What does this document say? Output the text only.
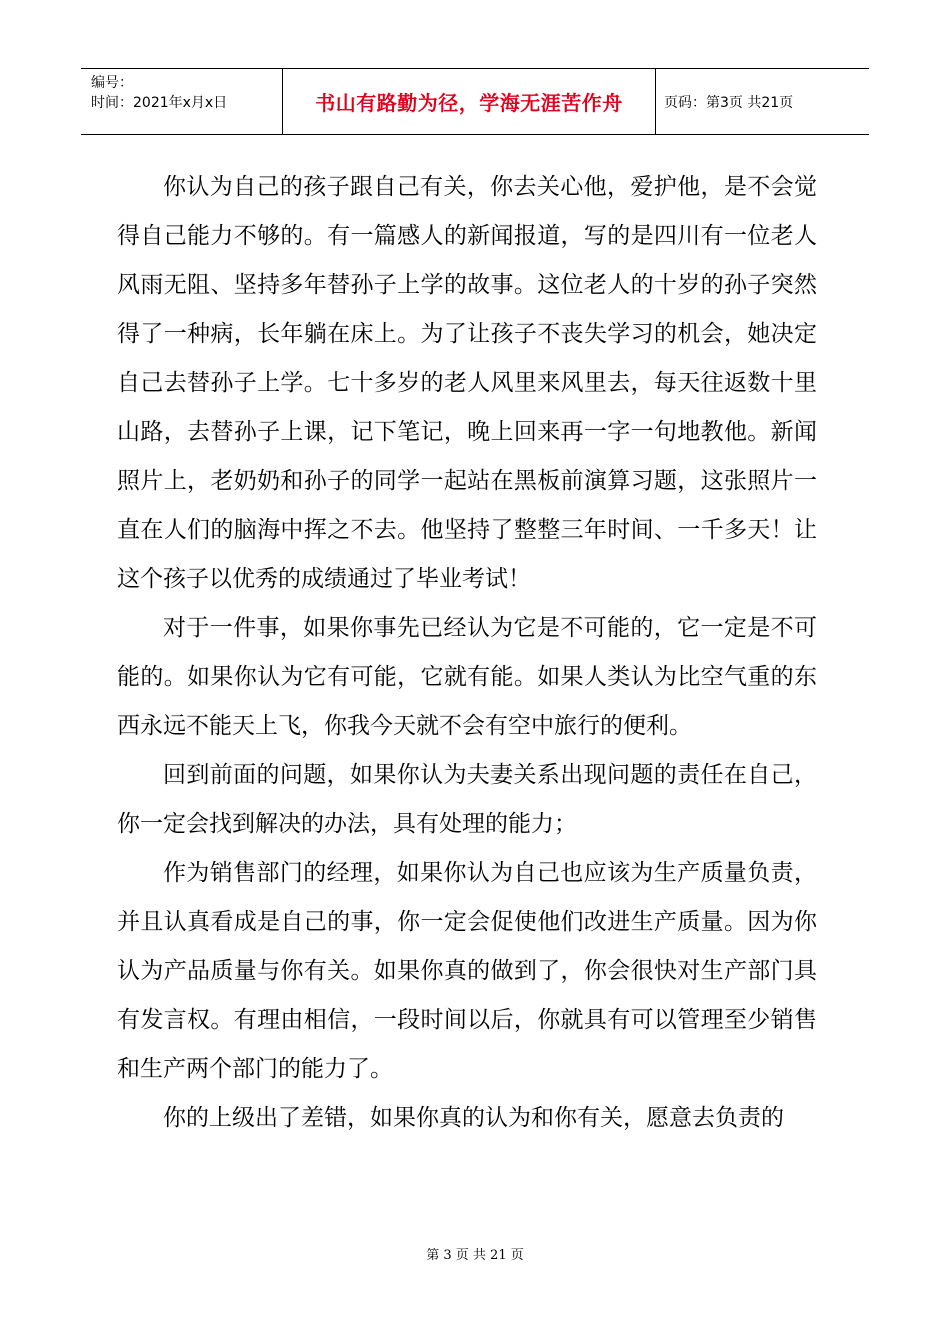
编号：
时间：2021年x月x日	书山有路勤为径，学海无涯苦作舟	页码：第3页 共21页

你认为自己的孩子跟自己有关，你去关心他，爱护他，是不会觉得自己能力不够的。有一篇感人的新闻报道，写的是四川有一位老人风雨无阻、坚持多年替孙子上学的故事。这位老人的十岁的孙子突然得了一种病，长年躺在床上。为了让孩子不丧失学习的机会，她决定自己去替孙子上学。七十多岁的老人风里来风里去，每天往返数十里山路，去替孙子上课，记下笔记，晚上回来再一字一句地教他。新闻照片上，老奶奶和孙子的同学一起站在黑板前演算习题，这张照片一直在人们的脑海中挥之不去。他坚持了整整三年时间、一千多天！让这个孩子以优秀的成绩通过了毕业考试！

对于一件事，如果你事先已经认为它是不可能的，它一定是不可能的。如果你认为它有可能，它就有能。如果人类认为比空气重的东西永远不能天上飞，你我今天就不会有空中旅行的便利。

回到前面的问题，如果你认为夫妻关系出现问题的责任在自己，你一定会找到解决的办法，具有处理的能力；

作为销售部门的经理，如果你认为自己也应该为生产质量负责，并且认真看成是自己的事，你一定会促使他们改进生产质量。因为你认为产品质量与你有关。如果你真的做到了，你会很快对生产部门具有发言权。有理由相信，一段时间以后，你就具有可以管理至少销售和生产两个部门的能力了。

你的上级出了差错，如果你真的认为和你有关，愿意去负责的

第 3 页 共 21 页
